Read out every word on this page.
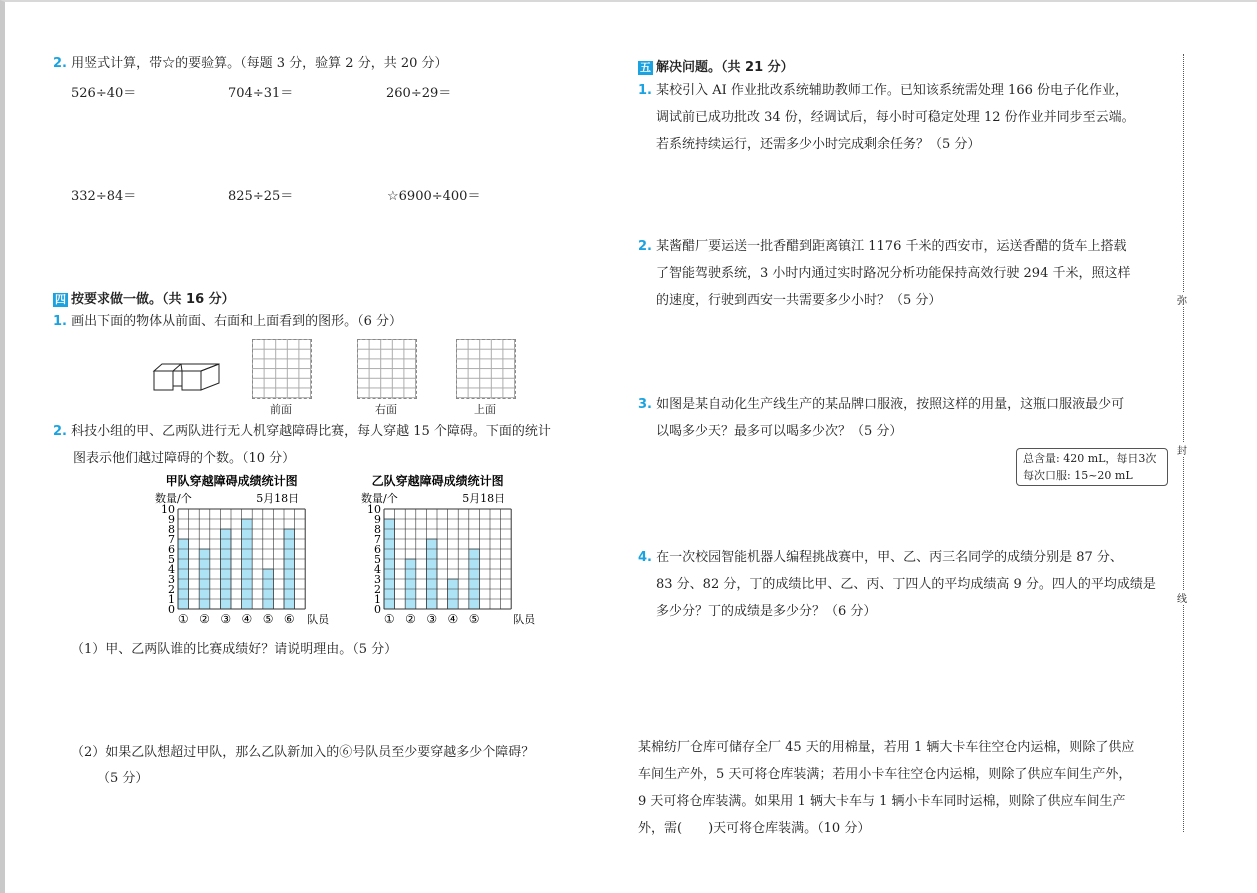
2. 用竖式计算，带☆的要验算。（每题 3 分，验算 2 分，共 20 分）
526÷40＝	704÷31＝	260÷29＝
332÷84＝	825÷25＝	☆6900÷400＝
四 按要求做一做。（共 16 分）
1. 画出下面的物体从前面、右面和上面看到的图形。（6 分）
前面	右面	上面
2. 科技小组的甲、乙两队进行无人机穿越障碍比赛，每人穿越 15 个障碍。下面的统计
图表示他们越过障碍的个数。（10 分）
甲队穿越障碍成绩统计图
数量/个	5月18日
① ② ③ ④ ⑤ ⑥
0
1
2
3
4
5
6
7
8
9
10
队员
乙队穿越障碍成绩统计图
数量/个	5月18日
① ② ③ ④ ⑤
0
1
2
3
4
5
6
7
8
9
10
队员
（1）甲、乙两队谁的比赛成绩好？请说明理由。（5 分）
（2）如果乙队想超过甲队，那么乙队新加入的⑥号队员至少要穿越多少个障碍？
（5 分）
五 解决问题。（共 21 分）
1. 某校引入 AI 作业批改系统辅助教师工作。已知该系统需处理 166 份电子化作业，
调试前已成功批改 34 份，经调试后，每小时可稳定处理 12 份作业并同步至云端。
若系统持续运行，还需多少小时完成剩余任务？（5 分）
2. 某酱醋厂要运送一批香醋到距离镇江 1176 千米的西安市，运送香醋的货车上搭载
了智能驾驶系统，3 小时内通过实时路况分析功能保持高效行驶 294 千米，照这样
的速度，行驶到西安一共需要多少小时？（5 分）
3. 如图是某自动化生产线生产的某品牌口服液，按照这样的用量，这瓶口服液最少可
以喝多少天？最多可以喝多少次？（5 分）
总含量: 420 mL，每日3次
每次口服: 15~20 mL
4. 在一次校园智能机器人编程挑战赛中，甲、乙、丙三名同学的成绩分别是 87 分、
83 分、82 分，丁的成绩比甲、乙、丙、丁四人的平均成绩高 9 分。四人的平均成绩是
多少分？丁的成绩是多少分？（6 分）
某棉纺厂仓库可储存全厂 45 天的用棉量，若用 1 辆大卡车往空仓内运棉，则除了供应
车间生产外，5 天可将仓库装满；若用小卡车往空仓内运棉，则除了供应车间生产外，
9 天可将仓库装满。如果用 1 辆大卡车与 1 辆小卡车同时运棉，则除了供应车间生产
外，需(　　)天可将仓库装满。（10 分）
弥
封
线
